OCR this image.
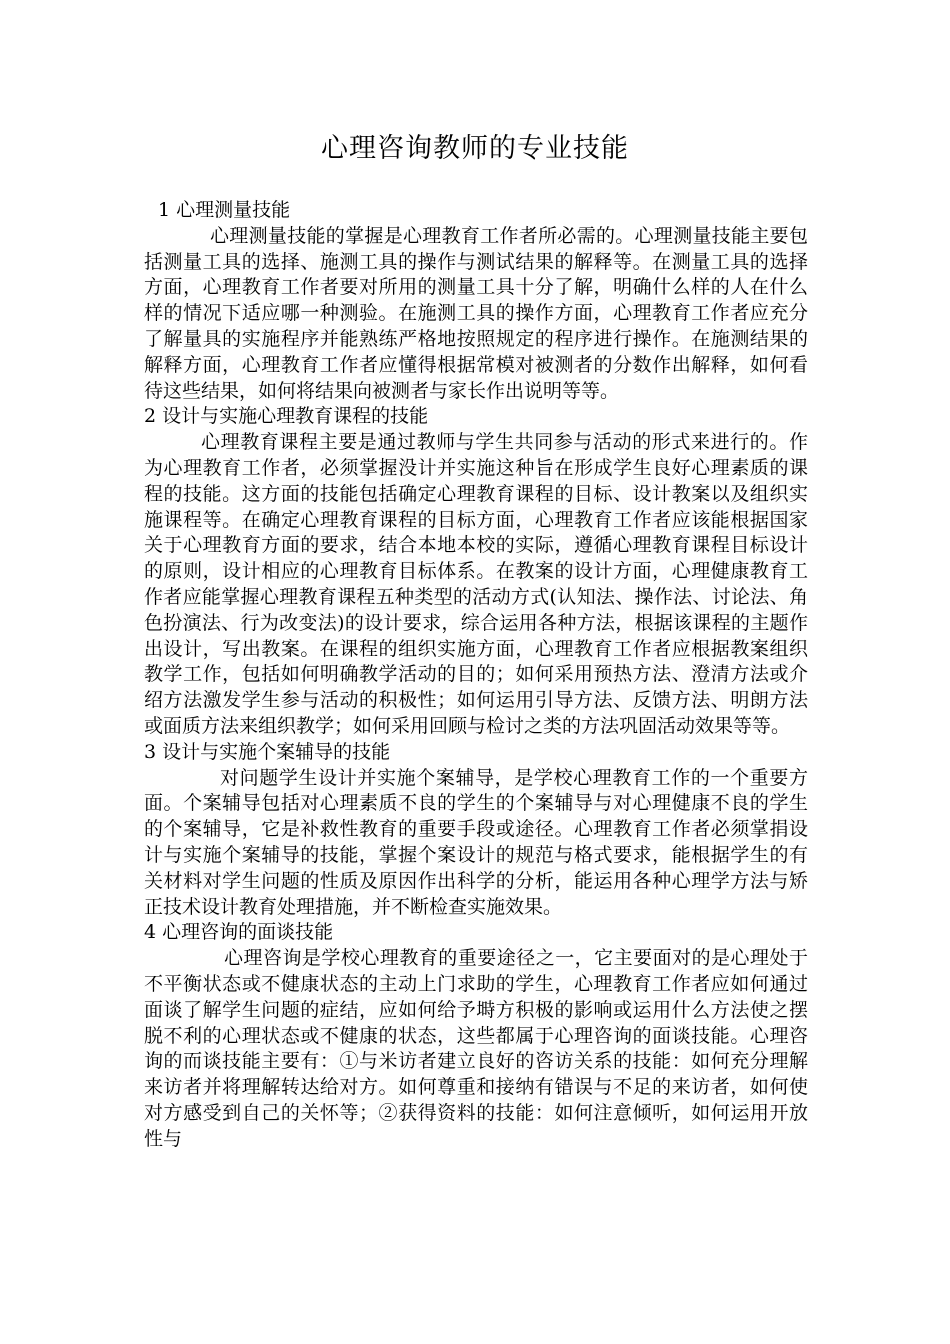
心理咨询教师的专业技能
1 心理测量技能

心理测量技能的掌握是心理教育工作者所必需的。心理测量技能主要包括测量工具的选择、施测工具的操作与测试结果的解释等。在测量工具的选择方面，心理教育工作者要对所用的测量工具十分了解，明确什么样的人在什么样的情况下适应哪一种测验。在施测工具的操作方面，心理教育工作者应充分了解量具的实施程序并能熟练严格地按照规定的程序进行操作。在施测结果的解释方面，心理教育工作者应懂得根据常模对被测者的分数作出解释，如何看待这些结果，如何将结果向被测者与家长作出说明等等。

2 设计与实施心理教育课程的技能

心理教育课程主要是通过教师与学生共同参与活动的形式来进行的。作为心理教育工作者，必须掌握没计并实施这种旨在形成学生良好心理素质的课程的技能。这方面的技能包括确定心理教育课程的目标、设计教案以及组织实施课程等。在确定心理教育课程的目标方面，心理教育工作者应该能根据国家关于心理教育方面的要求，结合本地本校的实际，遵循心理教育课程目标设计的原则，设计相应的心理教育目标体系。在教案的设计方面，心理健康教育工作者应能掌握心理教育课程五种类型的活动方式(认知法、操作法、讨论法、角色扮演法、行为改变法)的设计要求，综合运用各种方法，根据该课程的主题作出设计，写出教案。在课程的组织实施方面，心理教育工作者应根据教案组织教学工作，包括如何明确教学活动的目的；如何采用预热方法、澄清方法或介绍方法激发学生参与活动的积极性；如何运用引导方法、反馈方法、明朗方法或面质方法来组织教学；如何采用回顾与检讨之类的方法巩固活动效果等等。

3 设计与实施个案辅导的技能

对问题学生设计并实施个案辅导，是学校心理教育工作的一个重要方面。个案辅导包括对心理素质不良的学生的个案辅导与对心理健康不良的学生的个案辅导，它是补救性教育的重要手段或途径。心理教育工作者必须掌捐设计与实施个案辅导的技能，掌握个案设计的规范与格式要求，能根据学生的有关材料对学生问题的性质及原因作出科学的分析，能运用各种心理学方法与矫正技术设计教育处理措施，并不断检查实施效果。

4 心理咨询的面谈技能

心理咨询是学校心理教育的重要途径之一，它主要面对的是心理处于不平衡状态或不健康状态的主动上门求助的学生，心理教育工作者应如何通过面谈了解学生问题的症结，应如何给予塒方积极的影响或运用什么方法使之摆脱不利的心理状态或不健康的状态，这些都属于心理咨询的面谈技能。心理咨询的而谈技能主要有：①与米访者建立良好的咨访关系的技能：如何充分理解来访者并将理解转达给对方。如何尊重和接纳有错误与不足的来访者，如何使对方感受到自己的关怀等；②获得资料的技能：如何注意倾听，如何运用开放性与
